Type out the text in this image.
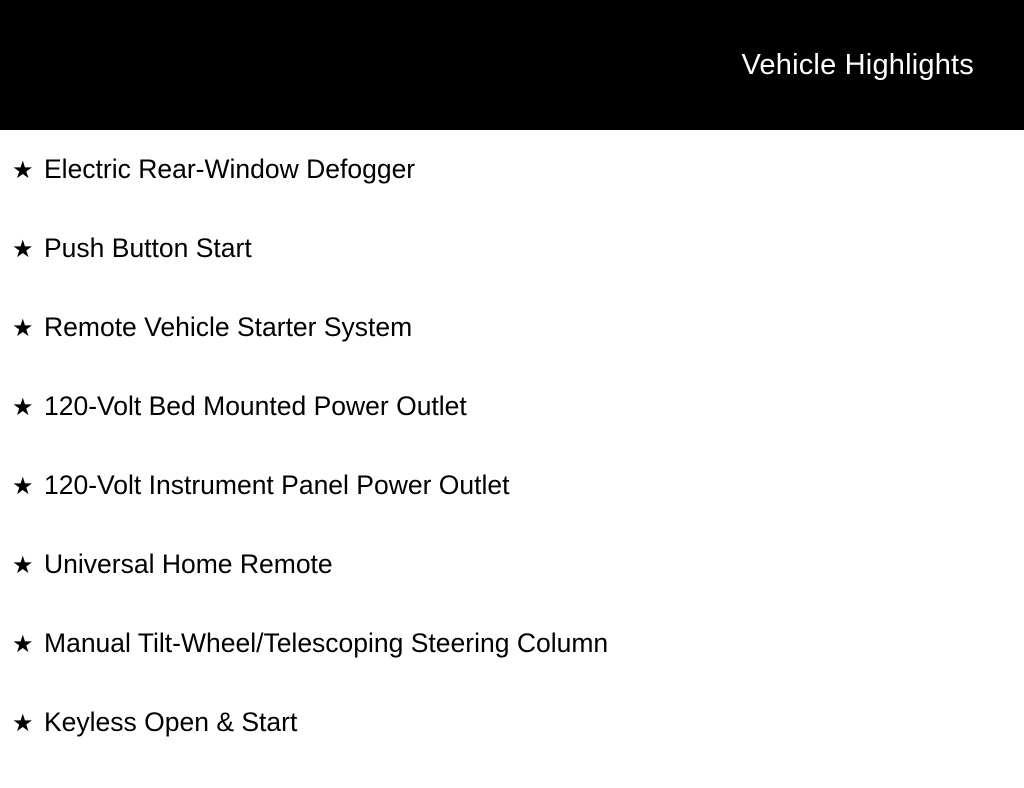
Vehicle Highlights
★ Electric Rear-Window Defogger
★ Push Button Start
★ Remote Vehicle Starter System
★ 120-Volt Bed Mounted Power Outlet
★ 120-Volt Instrument Panel Power Outlet
★ Universal Home Remote
★ Manual Tilt-Wheel/Telescoping Steering Column
★ Keyless Open & Start
